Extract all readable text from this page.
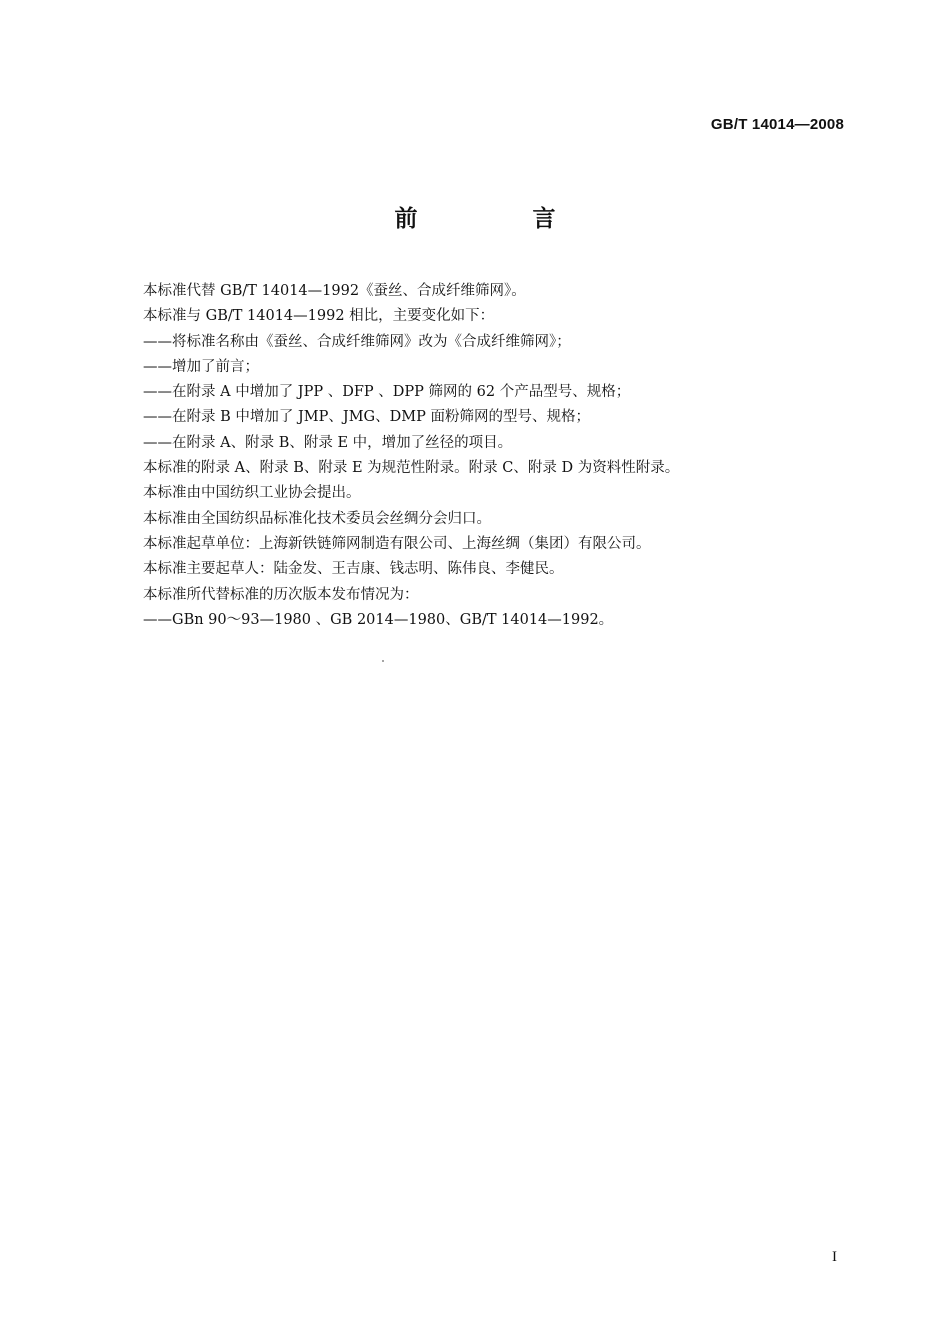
GB/T 14014—2008
前　言
本标准代替 GB/T 14014—1992《蚕丝、合成纤维筛网》。
本标准与 GB/T 14014—1992 相比，主要变化如下：
——将标准名称由《蚕丝、合成纤维筛网》改为《合成纤维筛网》；
——增加了前言；
——在附录 A 中增加了 JPP 、DFP 、DPP 筛网的 62 个产品型号、规格；
——在附录 B 中增加了 JMP、JMG、DMP 面粉筛网的型号、规格；
——在附录 A、附录 B、附录 E 中，增加了丝径的项目。
本标准的附录 A、附录 B、附录 E 为规范性附录。附录 C、附录 D 为资料性附录。
本标准由中国纺织工业协会提出。
本标准由全国纺织品标准化技术委员会丝绸分会归口。
本标准起草单位：上海新铁链筛网制造有限公司、上海丝绸（集团）有限公司。
本标准主要起草人：陆金发、王吉康、钱志明、陈伟良、李健民。
本标准所代替标准的历次版本发布情况为：
——GBn 90～93—1980 、GB 2014—1980、GB/T 14014—1992。
I
